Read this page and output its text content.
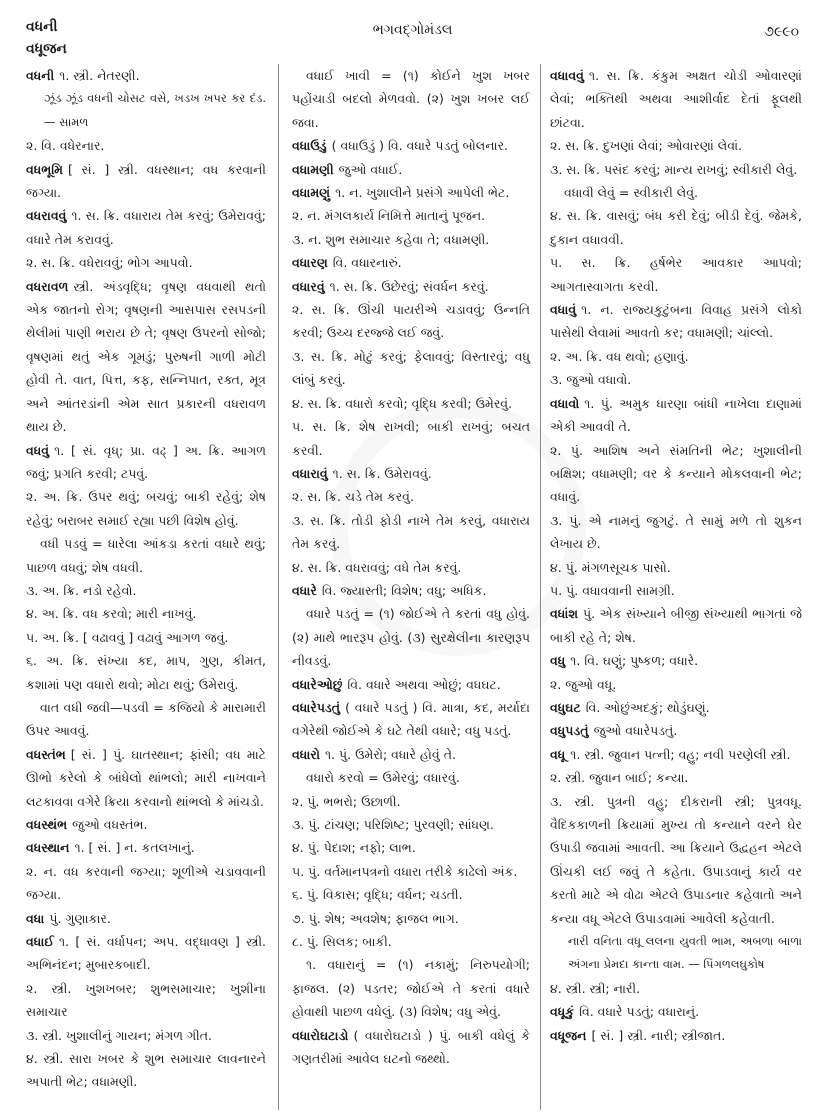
વધની
વધૂજન
ભગવદ્ગોમંડલ	૭૯૯૦

વધની ૧. સ્ત્રી. નેતરણી.

ઝૂંડ ઝૂંડ વધની ચોસટ વસે, ખડખ ખપર કર દંડ. — સામળ

૨. વિ. વધેરનાર.

વધભૂમિ [ સં. ] સ્ત્રી. વધસ્થાન; વધ કરવાની જગ્યા.

વધરાવવું ૧. સ. ક્રિ. વધારાય તેમ કરવું; ઉમેરાવવું; વધારે તેમ કરાવવું.

૨. સ. ક્રિ. વધેરાવવું; ભોગ આપવો.

વધરાવળ સ્ત્રી. અંડવૃદ્ધિ; વૃષણ વધવાથી થતો એક જાતનો રોગ; વૃષણની આસપાસ રસપડની થેલીમાં પાણી ભરાય છે તે; વૃષણ ઉપરનો સોજો; વૃષણમાં થતું એક ગૂમડું; પુરુષની ગાળી મોટી હોવી તે. વાત, પિત્ત, કફ, સન્નિપાત, રક્ત, મૂત્ર અને આંતરડાંની એમ સાત પ્રકારની વધરાવળ થાય છે.

વધવું ૧. [ સં. વૃધ્; પ્રા. વઢ્ ] અ. ક્રિ. આગળ જવું; પ્રગતિ કરવી; ટપવું.

૨. અ. ક્રિ. ઉપર થવું; બચવું; બાકી રહેવું; શેષ રહેવું; બરાબર સમાઈ રહ્યા પછી વિશેષ હોવું.

વધી પડવું = ધારેલા આંકડા કરતાં વધારે થવું; પાછળ વધવું; શેષ વધવી.

૩. અ. ક્રિ. નડો રહેવો.

૪. અ. ક્રિ. વધ કરવો; મારી નાખવું.

૫. અ. ક્રિ. [ વઢાવવું ] વઢાવું આગળ જવું.

૬. અ. ક્રિ. સંખ્યા કદ, માપ, ગુણ, કીમત, કશામાં પણ વધારો થવો; મોટા થવું; ઉમેરાવું.

વાત વધી જવી—પડવી = કજિયો કે મારામારી ઉપર આવવું.

વધસ્તંભ [ સં. ] પું. ઘાતસ્થાન; ફાંસી; વધ માટે ઊભો કરેલો કે બાંધેલો થાંભલો; મારી નાખવાને લટકાવવા વગેરે ક્રિયા કરવાનો થાંભલો કે માંચડો.

વધસ્થંભ જુઓ વધસ્તંભ.

વધસ્થાન ૧. [ સં. ] ન. કતલખાનું.

૨. ન. વધ કરવાની જગ્યા; શૂળીએ ચડાવવાની જગ્યા.

વધા પું. ગુણાકાર.

વધાઈ ૧. [ સં. વર્ધાપન; અપ. વદ્ધાવણ ] સ્ત્રી. અભિનંદન; મુબારકબાદી.

૨. સ્ત્રી. ખુશખબર; શુભસમાચાર; ખુશીના સમાચાર

૩. સ્ત્રી. ખુશાલીનું ગાયન; મંગળ ગીત.

૪. સ્ત્રી. સારા ખબર કે શુભ સમાચાર લાવનારને અપાતી ભેટ; વધામણી.

વધાઈ ખાવી = (૧) કોઈને ખુશ ખબર પહોંચાડી બદલો મેળવવો. (૨) ખુશ ખબર લઈ જવા.

વધાઉડું ( વધાઉડું ) વિ. વધારે પડતું બોલનાર.

વધામણી જુઓ વધાઈ.

વધામણું ૧. ન. ખુશાલીને પ્રસંગે આપેલી ભેટ.

૨. ન. મંગલકાર્ય નિમિત્તે માતાનું પૂજન.

૩. ન. શુભ સમાચાર કહેવા તે; વધામણી.

વધારણ વિ. વધારનારું.

વધારવું ૧. સ. ક્રિ. ઉછેરવું; સંવર્ધન કરવું.

૨. સ. ક્રિ. ઊંચી પાયરીએ ચડાવવું; ઉન્નતિ કરવી; ઉચ્ચ દરજ્જે લઈ જવું.

૩. સ. ક્રિ. મોટું કરવું; ફેલાવવું; વિસ્તારવું; વધુ લાંબું કરવું.

૪. સ. ક્રિ. વધારો કરવો; વૃદ્ધિ કરવી; ઉમેરવું.

૫. સ. ક્રિ. શેષ રાખવી; બાકી રાખવું; બચત કરવી.

વધારાવું ૧. સ. ક્રિ. ઉમેરાવવું.

૨. સ. ક્રિ. ચડે તેમ કરવું.

૩. સ. ક્રિ. તોડી ફોડી નાખે તેમ કરવું, વધારાય તેમ કરવું.

૪. સ. ક્રિ. વધરાવવું; વધે તેમ કરવું.

વધારે વિ. જ્યાસ્તી; વિશેષ; વધુ; અધિક.

વધારે પડતું = (૧) જોઈએ તે કરતાં વધુ હોવું. (૨) માથે ભારરૂપ હોવું. (૩) સુરક્ષેલીના કારણરૂપ નીવડવું.

વધારેઓછું વિ. વધારે અથવા ઓછું; વધઘટ.

વધારેપડતું ( વધારે પડતું ) વિ. માત્રા, કદ, મર્યાદા વગેરેથી જોઈએ કે ઘટે તેથી વધારે; વધુ પડતું.

વધારો ૧. પું. ઉમેરો; વધારે હોવું તે.

વધારો કરવો = ઉમેરવું; વધારવું.

૨. પું. ભભરો; ઉછાળી.

૩. પું. ટાંચણ; પરિશિષ્ટ; પુરવણી; સાંધણ.

૪. પું. પેદાશ; નફો; લાભ.

૫. પું. વર્તમાનપત્રનો વધારા તરીકે કાઢેલો અંક.

૬. પું. વિકાસ; વૃદ્ધિ; વર્ધન; ચડતી.

૭. પું. શેષ; અવશેષ; ફાજલ ભાગ.

૮. પું. સિલક; બાકી.

૧. વધારાનું = (૧) નકામું; નિરુપયોગી; ફાજલ. (૨) પડતર; જોઈએ તે કરતાં વધારે હોવાથી પાછળ વધેલું. (૩) વિશેષ; વધુ એવું.

વધારોઘટાડો ( વધારોઘટાડો ) પું. બાકી વધેલું કે ગણતરીમાં આવેલ ઘટનો જથ્થો.

વધાવવું ૧. સ. ક્રિ. કંકુમ અક્ષત ચોડી ઓવારણાં લેવાં; ભક્તિથી અથવા આશીર્વાદ દેતાં ફૂલથી છાંટવા.

૨. સ. ક્રિ. દુખણાં લેવાં; ઓવારણાં લેવાં.

૩. સ. ક્રિ. પસંદ કરવું; માન્ય રાખવું; સ્વીકારી લેવું.

વધાવી લેવું = સ્વીકારી લેવું.

૪. સ. ક્રિ. વાસવું; બંધ કરી દેવું; બીડી દેવું. જેમકે, દુકાન વધાવવી.

૫. સ. ક્રિ. હર્ષભેર આવકાર આપવો; આગતાસ્વાગતા કરવી.

વધાવું ૧. ન. રાજ્યકુટુંબના વિવાહ પ્રસંગે લોકો પાસેથી લેવામાં આવતો કર; વધામણી; ચાંલ્લો.

૨. અ. ક્રિ. વધ થવો; હણાવું.

૩. જુઓ વધાવો.

વધાવો ૧. પું. અમુક ધારણા બાંધી નાખેલા દાણામાં એકી આવવી તે.

૨. પું. આશિષ અને સંમતિની ભેટ; ખુશાલીની બક્ષિશ; વધામણી; વર કે કન્યાને મોકલવાની ભેટ; વધાવું.

૩. પું. એ નામનું જુગટું. તે સામું મળે તો શુકન લેખાય છે.

૪. પું. મંગળસૂચક પાસો.

૫. પું. વધાવવાની સામગ્રી.

વધાંશ પું. એક સંખ્યાને બીજી સંખ્યાથી ભાગતાં જે બાકી રહે તે; શેષ.

વધુ ૧. વિ. ઘણું; પુષ્કળ; વધારે.

૨. જુઓ વધૂ.

વધુઘટ વિ. ઓછુંઅદકું; થોડુંઘણું.

વધુપડતું જુઓ વધારેપડતું.

વધૂ ૧. સ્ત્રી. જુવાન પત્ની; વહુ; નવી પરણેલી સ્ત્રી.

૨. સ્ત્રી. જુવાન બાઈ; કન્યા.

૩. સ્ત્રી. પુત્રની વહુ; દીકરાની સ્ત્રી; પુત્રવધૂ. વૈદિકકાળની ક્રિયામાં મુખ્ય તો કન્યાને વરને ઘેર ઉપાડી જવામાં આવતી. આ ક્રિયાને ઉદ્વહન એટલે ઊંચકી લઈ જવું તે કહેતા. ઉપાડવાનું કાર્ય વર કરતો માટે એ વોઢા એટલે ઉપાડનાર કહેવાતો અને કન્યા વધૂ એટલે ઉપાડવામાં આવેલી કહેવાતી.

નારી વનિતા વધૂ લલના યુવતી ભામ, અબળા બાળા અંગના પ્રેમદા કાન્તા વામ. — પિંગળલઘુકોષ

૪. સ્ત્રી. સ્ત્રી; નારી.

વધૂકું વિ. વધારે પડતું; વધારાનું.

વધૂજન [ સં. ] સ્ત્રી. નારી; સ્ત્રીજાત.
